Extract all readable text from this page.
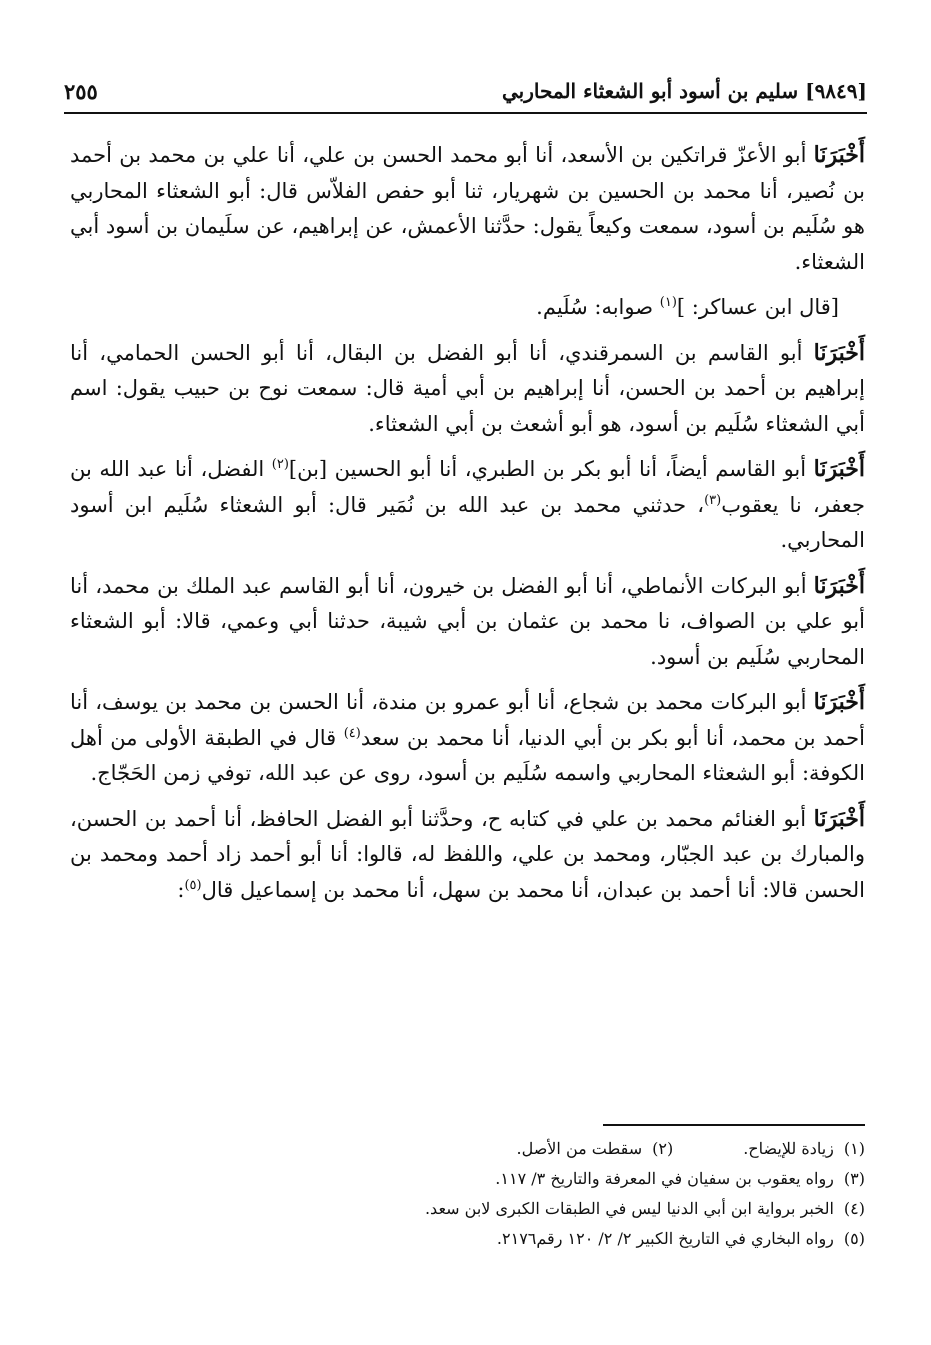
[٩٨٤٩] سليم بن أسود أبو الشعثاء المحاربي
٢٥٥

أَخْبَرَنَا أبو الأعزّ قراتكين بن الأسعد، أنا أبو محمد الحسن بن علي، أنا علي بن محمد بن أحمد بن نُصير، أنا محمد بن الحسين بن شهريار، ثنا أبو حفص الفلاّس قال: أبو الشعثاء المحاربي هو سُلَيم بن أسود، سمعت وكيعاً يقول: حدَّثنا الأعمش، عن إبراهيم، عن سلَيمان بن أسود أبي الشعثاء.

[قال ابن عساكر: ]$^{(١)}$ صوابه: سُلَيم.

أَخْبَرَنَا أبو القاسم بن السمرقندي، أنا أبو الفضل بن البقال، أنا أبو الحسن الحمامي، أنا إبراهيم بن أحمد بن الحسن، أنا إبراهيم بن أبي أمية قال: سمعت نوح بن حبيب يقول: اسم أبي الشعثاء سُلَيم بن أسود، هو أبو أشعث بن أبي الشعثاء.

أَخْبَرَنَا أبو القاسم أيضاً، أنا أبو بكر بن الطبري، أنا أبو الحسين [بن]$^{(٢)}$ الفضل، أنا عبد الله بن جعفر، نا يعقوب$^{(٣)}$، حدثني محمد بن عبد الله بن نُمَير قال: أبو الشعثاء سُلَيم ابن أسود المحاربي.

أَخْبَرَنَا أبو البركات الأنماطي، أنا أبو الفضل بن خيرون، أنا أبو القاسم عبد الملك بن محمد، أنا أبو علي بن الصواف، نا محمد بن عثمان بن أبي شيبة، حدثنا أبي وعمي، قالا: أبو الشعثاء المحاربي سُلَيم بن أسود.

أَخْبَرَنَا أبو البركات محمد بن شجاع، أنا أبو عمرو بن مندة، أنا الحسن بن محمد بن يوسف، أنا أحمد بن محمد، أنا أبو بكر بن أبي الدنيا، أنا محمد بن سعد$^{(٤)}$ قال في الطبقة الأولى من أهل الكوفة: أبو الشعثاء المحاربي واسمه سُلَيم بن أسود، روى عن عبد الله، توفي زمن الحَجّاج.

أَخْبَرَنَا أبو الغنائم محمد بن علي في كتابه ح، وحدَّثنا أبو الفضل الحافظ، أنا أحمد بن الحسن، والمبارك بن عبد الجبّار، ومحمد بن علي، واللفظ له، قالوا: أنا أبو أحمد زاد أحمد ومحمد بن الحسن قالا: أنا أحمد بن عبدان، أنا محمد بن سهل، أنا محمد بن إسماعيل قال$^{(٥)}$:

(١)
زيادة للإيضاح.
(٢)
سقطت من الأصل.
(٣)
رواه يعقوب بن سفيان في المعرفة والتاريخ ٣/ ١١٧.
(٤)
الخبر برواية ابن أبي الدنيا ليس في الطبقات الكبرى لابن سعد.
(٥)
رواه البخاري في التاريخ الكبير ٢/ ٢/ ١٢٠ رقم٢١٧٦.
